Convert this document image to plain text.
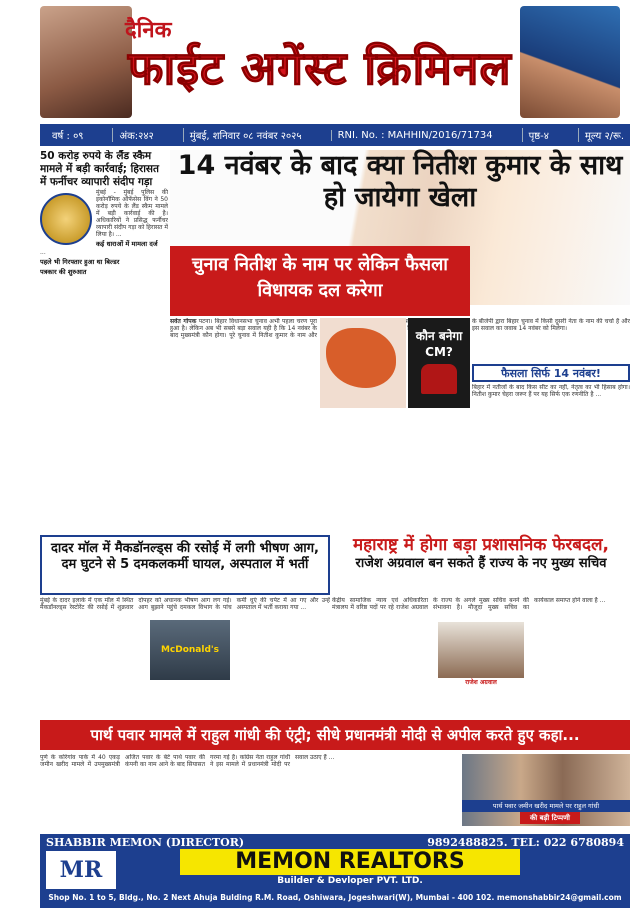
दैनिक
फाईट अगेंस्ट क्रिमिनल
वर्ष : ०९	अंक:२४२	मुंबई, शनिवार ०८ नवंबर २०२५	RNI. No. : MAHHIN/2016/71734	पृष्ठ-४	मूल्य २/रू.
50 करोड़ रुपये के लैंड स्कैम मामले में बड़ी कार्रवाई; हिरासत में फर्नीचर व्यापारी संदीप गड़ा
मुंबई - मुंबई पुलिस की इकोनॉमिक ऑफेंसेस विंग ने 50 करोड़ रुपये के लैंड स्कैम मामले में बड़ी कार्रवाई की है। अधिकारियों ने प्रसिद्ध फर्नीचर व्यापारी संदीप गड़ा को हिरासत में लिया है। ...
कई धाराओं में मामला दर्ज
...
पहले भी गिरफ्तार हुआ था बिल्डर
पत्रकार की शुरुआत
14 नवंबर के बाद क्या नितीश कुमार के साथ हो जायेगा खेला
चुनाव नितीश के नाम पर लेकिन फैसला विधायक दल करेगा
सर्वत गोपक पटना। बिहार विधानसभा चुनाव अभी पहला चरण पूरा हुआ है। लेकिन अब भी सबसे बड़ा सवाल यही है कि 14 नवंबर के बाद मुख्यमंत्री कौन होगा। पूरे चुनाव में नितीश कुमार के नाम और	कौन बनेगा CM?
के बीजेपी द्वारा बिहार चुनाव में किसी दूसरी नेता के नाम की चर्चा है और इस सवाल का जवाब 14 नवंबर को मिलेगा।
फैसला सिर्फ 14 नवंबर!
बिहार में नतीजों के बाद किस सीट का नहीं, नेतृत्व का भी हिसाब होगा। नितीश कुमार चेहरा जरूर हैं पर यह सिर्फ एक रणनीति है ...
दादर मॉल में मैकडॉनल्ड्स की रसोई में लगी भीषण आग, दम घुटने से 5 दमकलकर्मी घायल, अस्पताल में भर्ती
मुंबई के दादर इलाके में एक मॉल में स्थित मैकडॉनल्ड्स रेस्टोरेंट की रसोई में शुक्रवार दोपहर को अचानक भीषण आग लग गई। आग बुझाने पहुंचे दमकल विभाग के पांच कर्मी धुएं की चपेट में आ गए और उन्हें अस्पताल में भर्ती कराया गया ...
McDonald's
महाराष्ट्र में होगा बड़ा प्रशासनिक फेरबदल,
राजेश अग्रवाल बन सकते हैं राज्य के नए मुख्य सचिव
केंद्रीय सामाजिक न्याय एवं अधिकारिता मंत्रालय में वरिष्ठ पदों पर रहे राजेश अग्रवाल के राज्य के अगले मुख्य सचिव बनने की संभावना है। मौजूदा मुख्य सचिव का कार्यकाल समाप्त होने वाला है ...
राजेश अग्रवाल
पार्थ पवार मामले में राहुल गांधी की एंट्री; सीधे प्रधानमंत्री मोदी से अपील करते हुए कहा...
पुणे के कोरेगांव पार्क में 40 एकड़ जमीन खरीद मामले में उपमुख्यमंत्री अजित पवार के बेटे पार्थ पवार की कंपनी का नाम आने के बाद सियासत गरमा गई है। कांग्रेस नेता राहुल गांधी ने इस मामले में प्रधानमंत्री मोदी पर सवाल उठाए हैं ...
पार्थ पवार जमीन खरीद मामले पर राहुल गांधी
की बड़ी टिप्पणी
SHABBIR MEMON (DIRECTOR)	9892488825. TEL: 022 6780894
MR	MEMON REALTORS
Builder & Devloper PVT. LTD.
Shop No. 1 to 5, Bldg., No. 2 Next Ahuja Bulding R.M. Road, Oshiwara, Jogeshwari(W), Mumbai - 400 102. memonshabbir24@gmail.com
